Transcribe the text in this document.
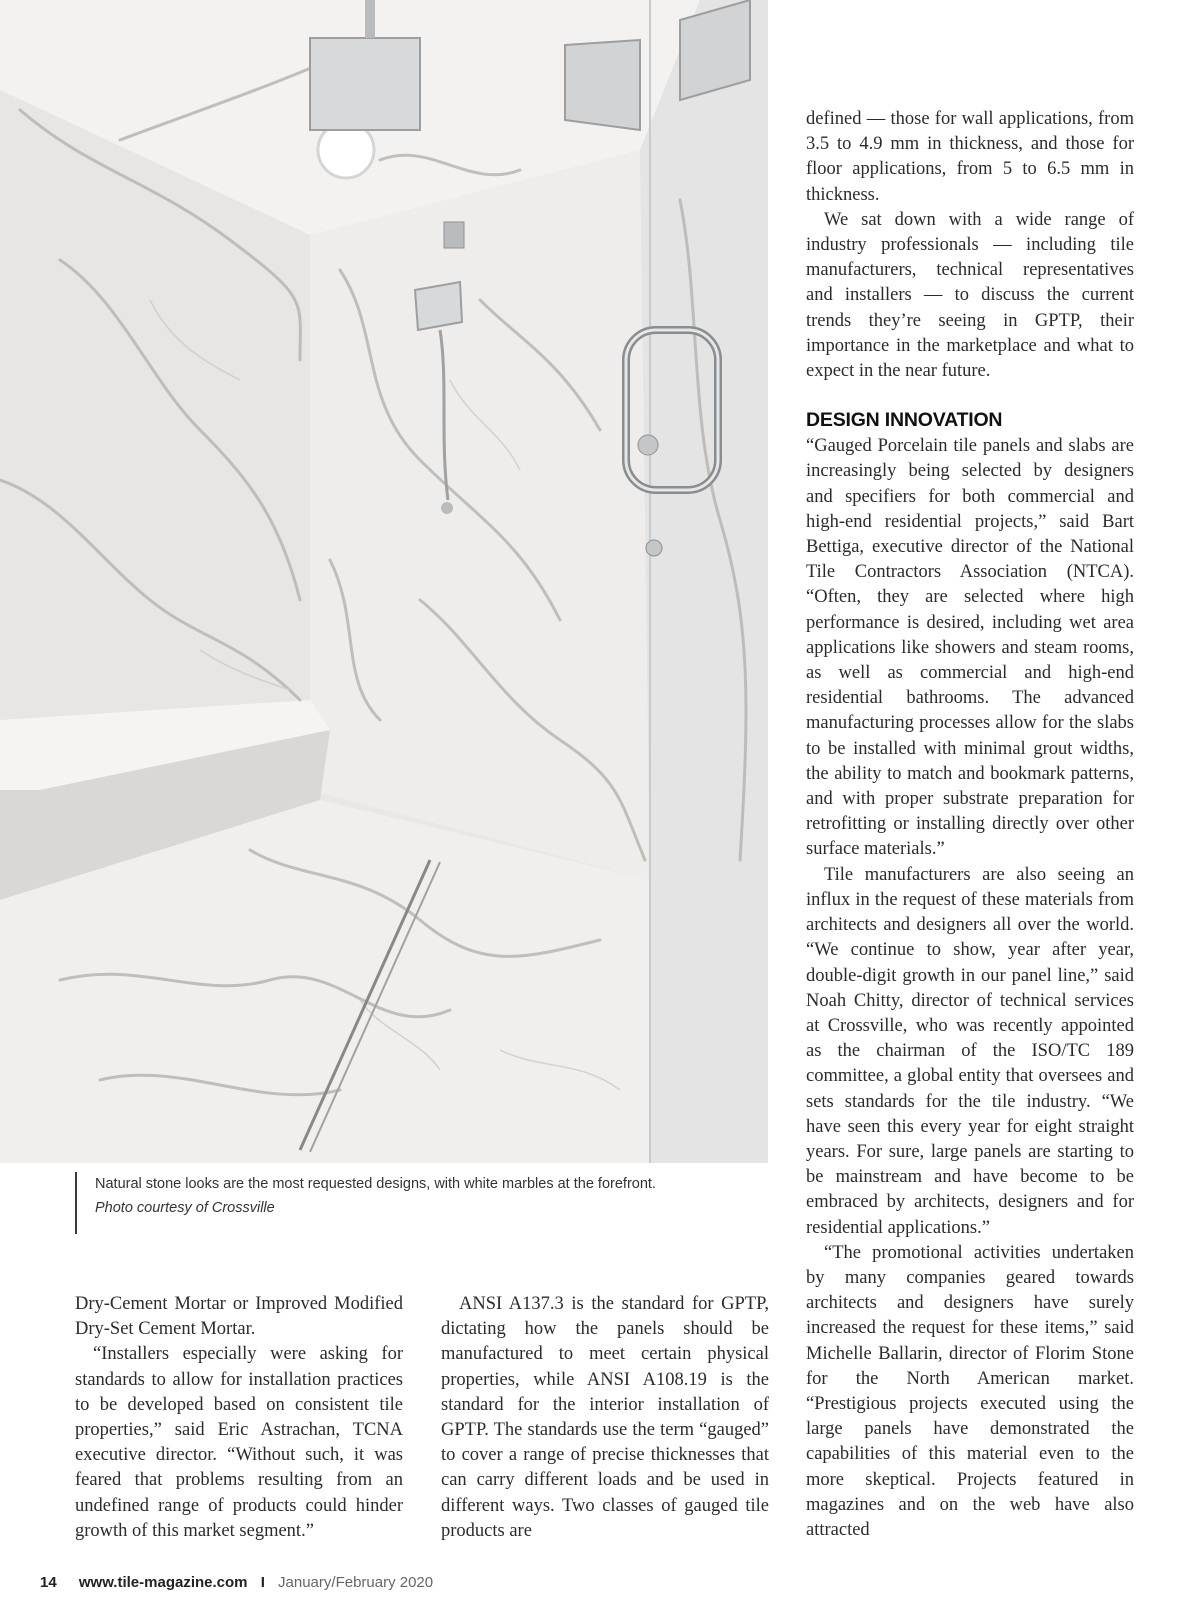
Natural stone looks are the most requested designs, with white marbles at the forefront.
Photo courtesy of Crossville

Dry-Cement Mortar or Improved Modified Dry-Set Cement Mortar.

“Installers especially were asking for standards to allow for installation practices to be developed based on consistent tile properties,” said Eric Astrachan, TCNA executive director. “Without such, it was feared that problems resulting from an undefined range of products could hinder growth of this market segment.”

ANSI A137.3 is the standard for GPTP, dictating how the panels should be manufactured to meet certain physical properties, while ANSI A108.19 is the standard for the interior installation of GPTP. The standards use the term “gauged” to cover a range of precise thicknesses that can carry different loads and be used in different ways. Two classes of gauged tile products are

defined — those for wall applications, from 3.5 to 4.9 mm in thickness, and those for floor applications, from 5 to 6.5 mm in thickness.

We sat down with a wide range of industry professionals — including tile manufacturers, technical representatives and installers — to discuss the current trends they’re seeing in GPTP, their importance in the marketplace and what to expect in the near future.

DESIGN INNOVATION

“Gauged Porcelain tile panels and slabs are increasingly being selected by designers and specifiers for both commercial and high-end residential projects,” said Bart Bettiga, executive director of the National Tile Contractors Association (NTCA). “Often, they are selected where high performance is desired, including wet area applications like showers and steam rooms, as well as commercial and high-end residential bathrooms. The advanced manufacturing processes allow for the slabs to be installed with minimal grout widths, the ability to match and bookmark patterns, and with proper substrate preparation for retrofitting or installing directly over other surface materials.”

Tile manufacturers are also seeing an influx in the request of these materials from architects and designers all over the world. “We continue to show, year after year, double-digit growth in our panel line,” said Noah Chitty, director of technical services at Crossville, who was recently appointed as the chairman of the ISO/TC 189 committee, a global entity that oversees and sets standards for the tile industry. “We have seen this every year for eight straight years. For sure, large panels are starting to be mainstream and have become to be embraced by architects, designers and for residential applications.”

“The promotional activities undertaken by many companies geared towards architects and designers have surely increased the request for these items,” said Michelle Ballarin, director of Florim Stone for the North American market. “Prestigious projects executed using the large panels have demonstrated the capabilities of this material even to the more skeptical. Projects featured in magazines and on the web have also attracted

14 www.tile-magazine.com I January/February 2020
